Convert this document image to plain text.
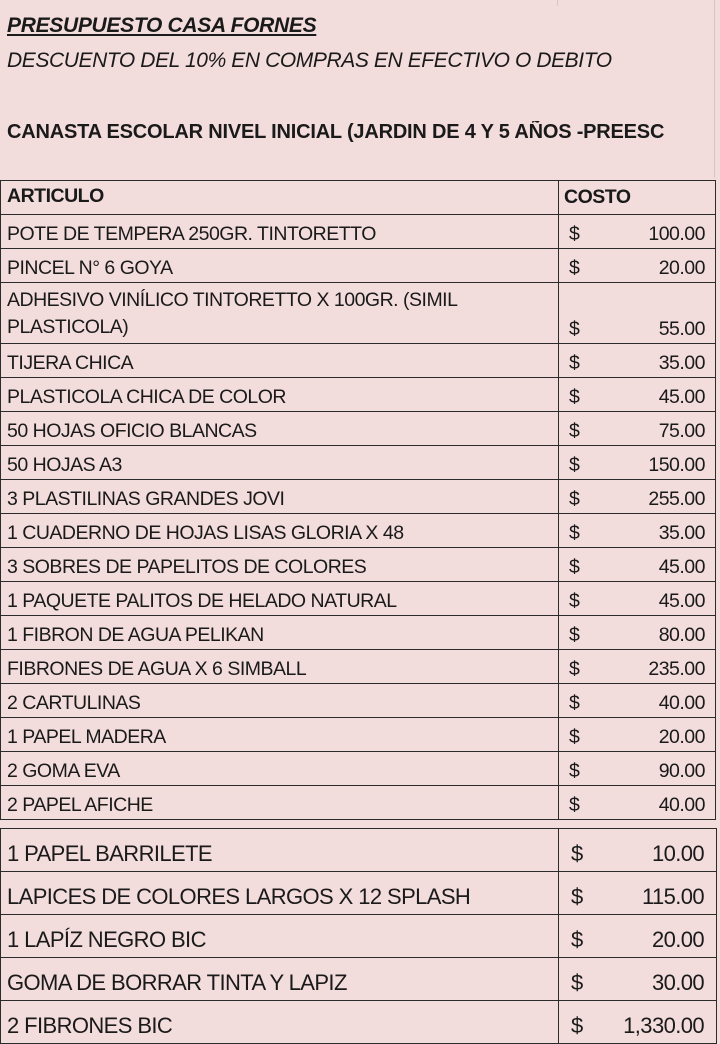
PRESUPUESTO CASA FORNES
DESCUENTO DEL 10% EN COMPRAS EN EFECTIVO O DEBITO
CANASTA ESCOLAR NIVEL INICIAL (JARDIN DE 4 Y 5 AÑOS -PREESC
ARTICULO	COSTO
POTE DE TEMPERA 250GR. TINTORETTO	$ 100.00

PINCEL N° 6 GOYA	$ 20.00

ADHESIVO VINÍLICO TINTORETTO X 100GR. (SIMIL
PLASTICOLA)	$ 55.00

TIJERA CHICA	$ 35.00

PLASTICOLA CHICA DE COLOR	$ 45.00

50 HOJAS OFICIO BLANCAS	$ 75.00

50 HOJAS A3	$ 150.00

3 PLASTILINAS GRANDES JOVI	$ 255.00

1 CUADERNO DE HOJAS LISAS GLORIA X 48	$ 35.00

3 SOBRES DE PAPELITOS DE COLORES	$ 45.00

1 PAQUETE PALITOS DE HELADO NATURAL	$ 45.00

1 FIBRON DE AGUA PELIKAN	$ 80.00

FIBRONES DE AGUA X 6 SIMBALL	$ 235.00

2 CARTULINAS	$ 40.00

1 PAPEL MADERA	$ 20.00

2 GOMA EVA	$ 90.00

2 PAPEL AFICHE	$ 40.00
1 PAPEL BARRILETE	$ 10.00

LAPICES DE COLORES LARGOS X 12 SPLASH	$ 115.00

1 LAPÍZ NEGRO BIC	$ 20.00

GOMA DE BORRAR TINTA Y LAPIZ	$ 30.00

2 FIBRONES BIC	$ 1,330.00
